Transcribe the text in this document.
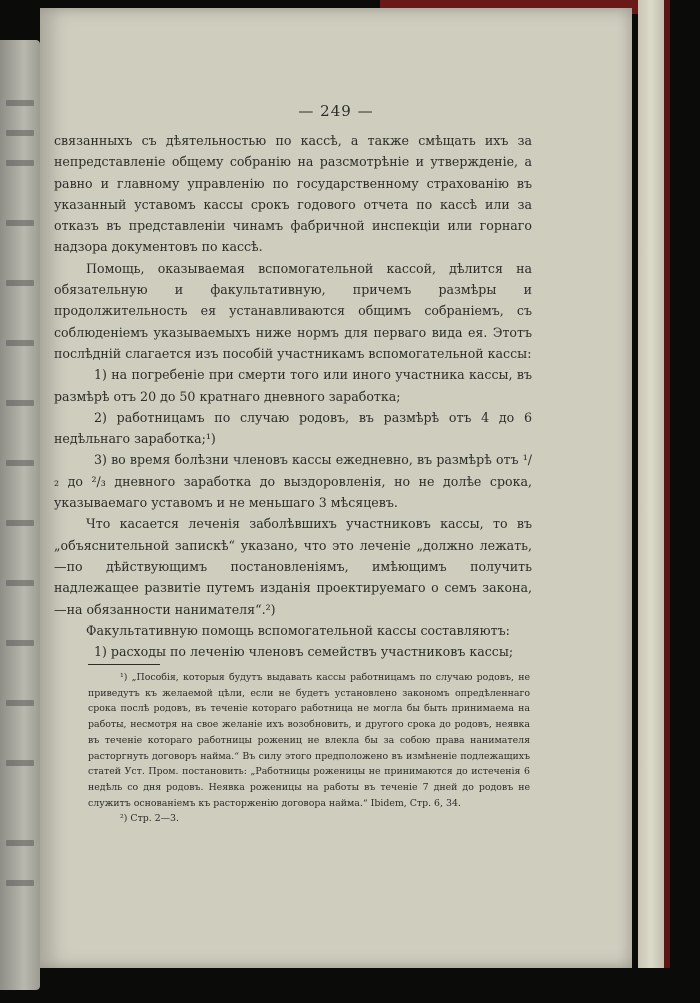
— 249 —

связанныхъ съ дѣятельностью по кассѣ, а также смѣщать ихъ за непредставленіе общему собранію на разсмотрѣніе и утвержденіе, а равно и главному управленію по государственному страхованію въ указанный уставомъ кассы срокъ годового отчета по кассѣ или за отказъ въ представленіи чинамъ фабричной инспекціи или горнаго надзора документовъ по кассѣ.

Помощь, оказываемая вспомогательной кассой, дѣлится на обязательную и факультативную, причемъ размѣры и продолжительность ея устанавливаются общимъ собраніемъ, съ соблюденіемъ указываемыхъ ниже нормъ для перваго вида ея. Этотъ послѣдній слагается изъ пособій участникамъ вспомогательной кассы:

1) на погребеніе при смерти того или иного участника кассы, въ размѣрѣ отъ 20 до 50 кратнаго дневного заработка;

2) работницамъ по случаю родовъ, въ размѣрѣ отъ 4 до 6 недѣльнаго заработка;¹)

3) во время болѣзни членовъ кассы ежедневно, въ размѣрѣ отъ ¹/₂ до ²/₃ дневного заработка до выздоровленія, но не долѣе срока, указываемаго уставомъ и не меньшаго 3 мѣсяцевъ.

Что касается леченія заболѣвшихъ участниковъ кассы, то въ „объяснительной запискѣ“ указано, что это леченіе „должно лежать,—по дѣйствующимъ постановленіямъ, имѣющимъ получить надлежащее развитіе путемъ изданія проектируемаго о семъ закона,—на обязанности нанимателя“.²)

Факультативную помощь вспомогательной кассы составляютъ:

1) расходы по леченію членовъ семействъ участниковъ кассы;

¹) „Пособія, которыя будутъ выдавать кассы работницамъ по случаю родовъ, не приведутъ къ желаемой цѣли, если не будетъ установлено закономъ опредѣленнаго срока послѣ родовъ, въ теченіе котораго работница не могла бы быть принимаема на работы, несмотря на свое желаніе ихъ возобновить, и другого срока до родовъ, неявка въ теченіе котораго работницы рожениц не влекла бы за собою права нанимателя расторгнуть договоръ найма.“ Въ силу этого предположено въ измѣненіе подлежащихъ статей Уст. Пром. постановить: „Работницы роженицы не принимаются до истеченія 6 недѣль со дня родовъ. Неявка роженицы на работы въ теченіе 7 дней до родовъ не служитъ основаніемъ къ расторженію договора найма.“ Ibidem, Стр. 6, 34.

²) Стр. 2—3.
